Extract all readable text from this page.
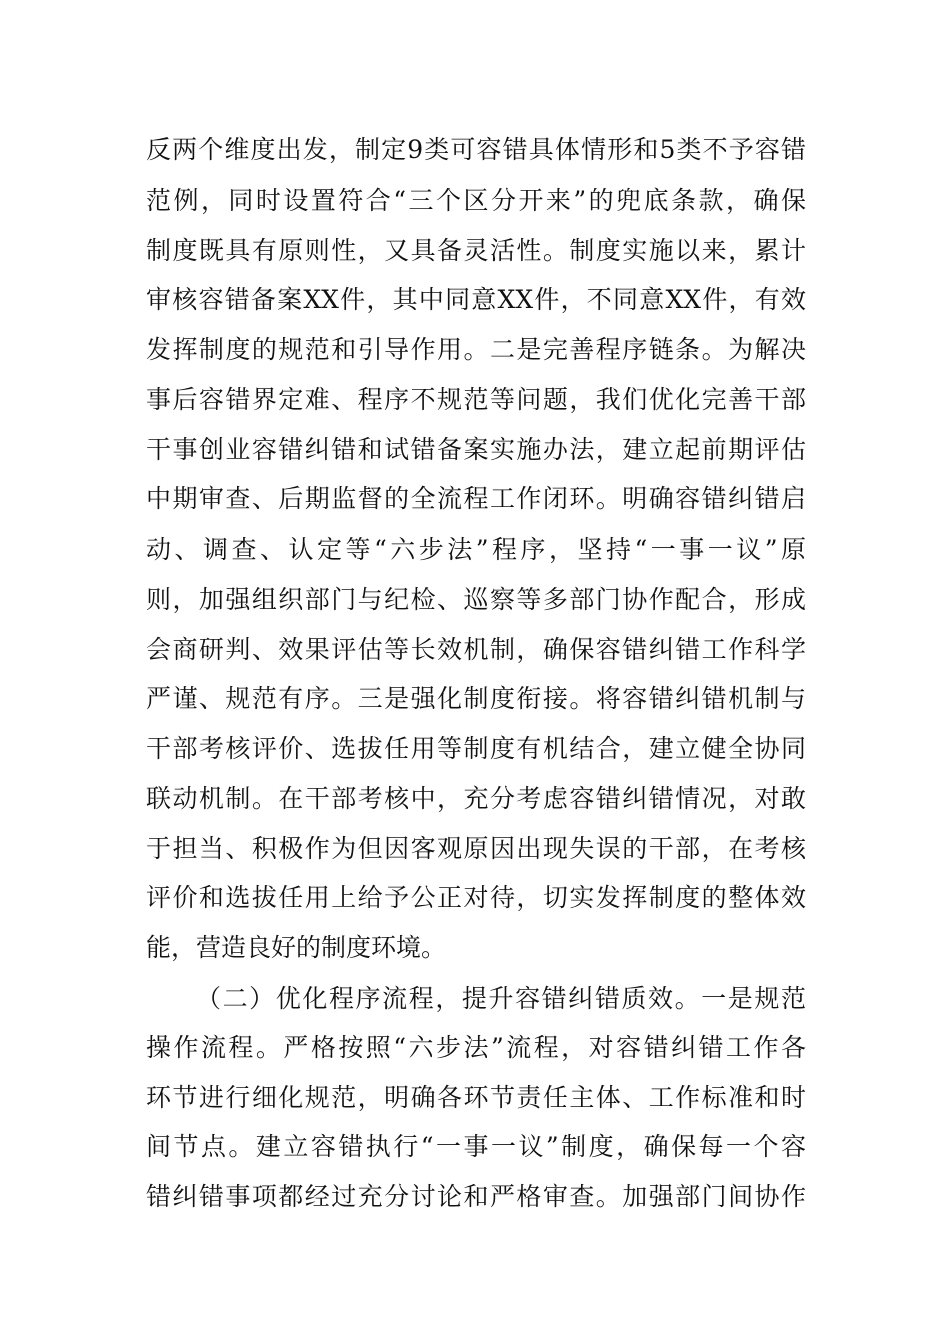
反两个维度出发，制定9类可容错具体情形和5类不予容错
范例，同时设置符合“三个区分开来”的兜底条款，确保
制度既具有原则性，又具备灵活性。制度实施以来，累计
审核容错备案XX件，其中同意XX件，不同意XX件，有效
发挥制度的规范和引导作用。二是完善程序链条。为解决
事后容错界定难、程序不规范等问题，我们优化完善干部
干事创业容错纠错和试错备案实施办法，建立起前期评估
中期审查、后期监督的全流程工作闭环。明确容错纠错启
动、调查、认定等“六步法”程序，坚持“一事一议”原
则，加强组织部门与纪检、巡察等多部门协作配合，形成
会商研判、效果评估等长效机制，确保容错纠错工作科学
严谨、规范有序。三是强化制度衔接。将容错纠错机制与
干部考核评价、选拔任用等制度有机结合，建立健全协同
联动机制。在干部考核中，充分考虑容错纠错情况，对敢
于担当、积极作为但因客观原因出现失误的干部，在考核
评价和选拔任用上给予公正对待，切实发挥制度的整体效
能，营造良好的制度环境。
（二）优化程序流程，提升容错纠错质效。一是规范
操作流程。严格按照“六步法”流程，对容错纠错工作各
环节进行细化规范，明确各环节责任主体、工作标准和时
间节点。建立容错执行“一事一议”制度，确保每一个容
错纠错事项都经过充分讨论和严格审查。加强部门间协作
